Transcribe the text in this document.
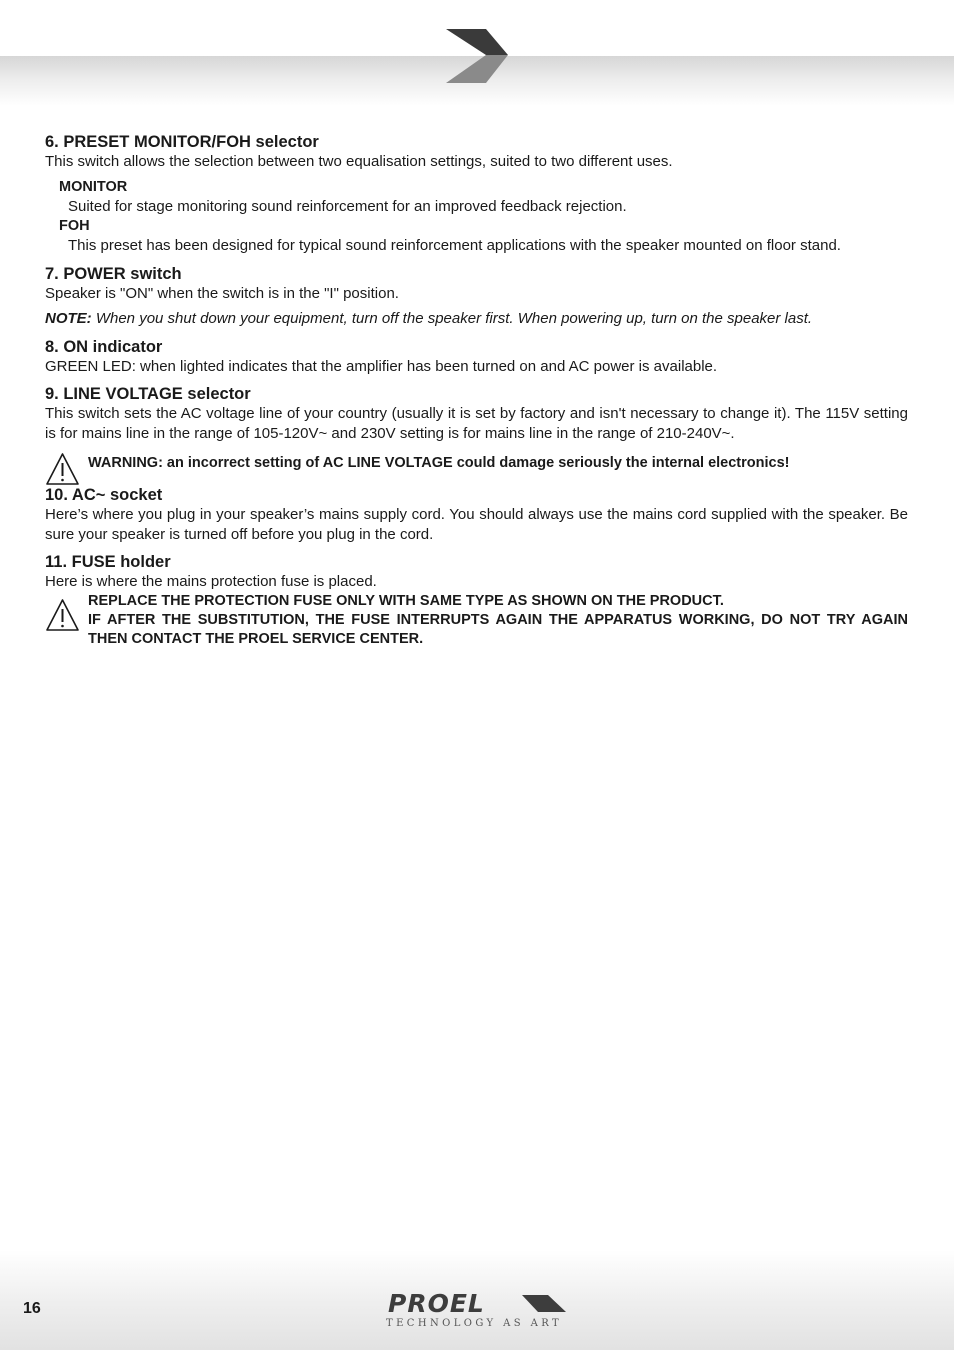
6. PRESET MONITOR/FOH selector

This switch allows the selection between two equalisation settings, suited to two different uses.

MONITOR

Suited for stage monitoring sound reinforcement for an improved feedback rejection.

FOH

This preset has been designed for typical sound reinforcement applications with the speaker mounted on floor stand.

7. POWER switch

Speaker is "ON" when the switch is in the "I" position.

NOTE: When you shut down your equipment, turn off the speaker first. When powering up, turn on the speaker last.

8. ON indicator

GREEN LED: when lighted indicates that the amplifier has been turned on and AC power is available.

9. LINE VOLTAGE selector

This switch sets the AC voltage line of your country (usually it is set by factory and isn't necessary to change it). The 115V setting is for mains line in the range of 105-120V~ and 230V setting is for mains line in the range of 210-240V~.

WARNING: an incorrect setting of AC LINE VOLTAGE could damage seriously the internal electronics!

10. AC~ socket

Here’s where you plug in your speaker’s mains supply cord. You should always use the mains cord supplied with the speaker. Be sure your speaker is turned off before you plug in the cord.

11. FUSE holder

Here is where the mains protection fuse is placed.

REPLACE THE PROTECTION FUSE ONLY WITH SAME TYPE AS SHOWN ON THE PRODUCT.

IF AFTER THE SUBSTITUTION, THE FUSE INTERRUPTS AGAIN THE APPARATUS WORKING, DO NOT TRY AGAIN THEN CONTACT THE PROEL SERVICE CENTER.

16	PROEL
TECHNOLOGY AS ART
